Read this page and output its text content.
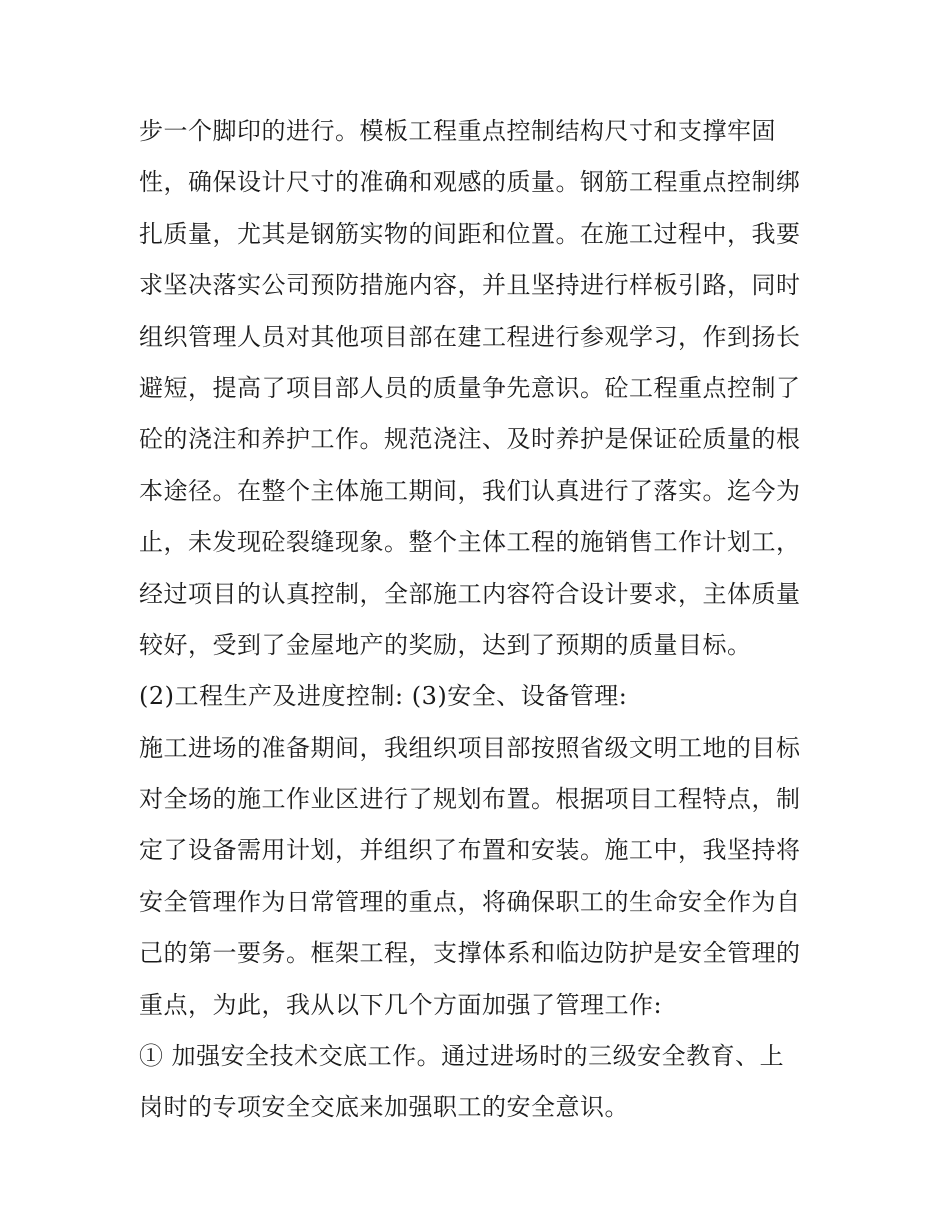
步一个脚印的进行。模板工程重点控制结构尺寸和支撑牢固
性，确保设计尺寸的准确和观感的质量。钢筋工程重点控制绑
扎质量，尤其是钢筋实物的间距和位置。在施工过程中，我要
求坚决落实公司预防措施内容，并且坚持进行样板引路，同时
组织管理人员对其他项目部在建工程进行参观学习，作到扬长
避短，提高了项目部人员的质量争先意识。砼工程重点控制了
砼的浇注和养护工作。规范浇注、及时养护是保证砼质量的根
本途径。在整个主体施工期间，我们认真进行了落实。迄今为
止，未发现砼裂缝现象。整个主体工程的施销售工作计划工，
经过项目的认真控制，全部施工内容符合设计要求，主体质量
较好，受到了金屋地产的奖励，达到了预期的质量目标。
(2)工程生产及进度控制: (3)安全、设备管理:
施工进场的准备期间，我组织项目部按照省级文明工地的目标
对全场的施工作业区进行了规划布置。根据项目工程特点，制
定了设备需用计划，并组织了布置和安装。施工中，我坚持将
安全管理作为日常管理的重点，将确保职工的生命安全作为自
己的第一要务。框架工程，支撑体系和临边防护是安全管理的
重点，为此，我从以下几个方面加强了管理工作:
① 加强安全技术交底工作。通过进场时的三级安全教育、上
岗时的专项安全交底来加强职工的安全意识。
